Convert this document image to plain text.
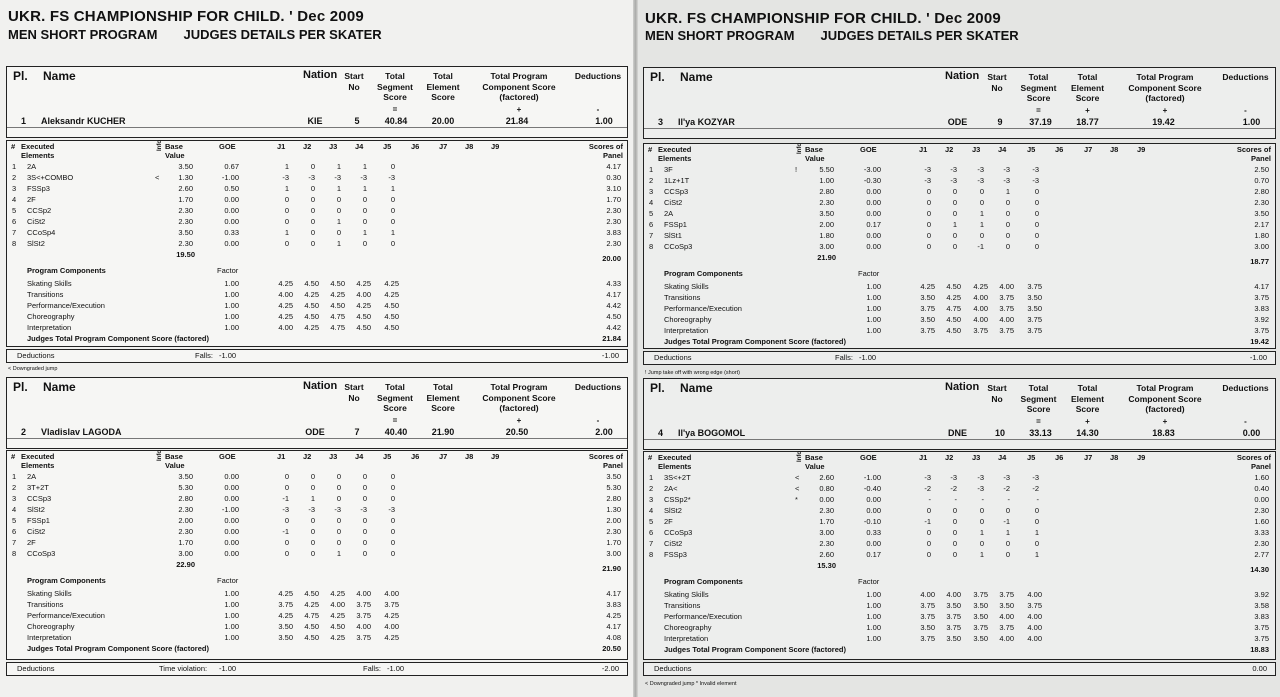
UKR. FS CHAMPIONSHIP FOR CHILD. ' Dec 2009
MEN SHORT PROGRAM JUDGES DETAILS PER SKATER
Pl. Name	Nation Start No
Total Segment Score
Total Element Score
Total Program Component Score (factored)
Deductions
=	+	-
1 Aleksandr KUCHER	KIE	5	40.84	20.00	21.84	1.00
# Executed Elements
Info Base Value
GOE	J1 J2 J3 J4	J5	J6	J7 J8 J9	Scores of Panel
1 2A	3.50	0.67	1	0	1	1	0	4.17
2 3S<+COMBO	<	1.30	-1.00	-3	-3	-3	-3	-3	0.30
3 FSSp3	2.60	0.50	1	0	1	1	1	3.10
4 2F	1.70	0.00	0	0	0	0	0	1.70
5 CCSp2	2.30	0.00	0	0	0	0	0	2.30
6 CiSt2	2.30	0.00	0	0	1	0	0	2.30
7 CCoSp4	3.50	0.33	1	0	0	1	1	3.83
8 SlSt2	2.30	0.00	0	0	1	0	0	2.30
19.50	20.00
Program Components	Factor
Skating Skills	1.00	4.25	4.50	4.50	4.25	4.25	4.33
Transitions	1.00	4.00	4.25	4.25	4.00	4.25	4.17
Performance/Execution	1.00	4.25	4.50	4.50	4.25	4.50	4.42
Choreography	1.00	4.25	4.50	4.75	4.50	4.50	4.50
Interpretation	1.00	4.00	4.25	4.75	4.50	4.50	4.42
Judges Total Program Component Score (factored)	21.84
Deductions	Falls: -1.00	-1.00
< Downgraded jump
Pl. Name	Nation Start No
Total Segment Score
Total Element Score
Total Program Component Score (factored)
Deductions
=	+	-
2 Vladislav LAGODA	ODE	7	40.40	21.90	20.50	2.00
# Executed Elements
Info Base Value
GOE	J1 J2 J3 J4	J5	J6	J7 J8 J9	Scores of Panel
1 2A	3.50	0.00	0	0	0	0	0	3.50
2 3T+2T	5.30	0.00	0	0	0	0	0	5.30
3 CCSp3	2.80	0.00	-1	1	0	0	0	2.80
4 SlSt2	2.30	-1.00	-3	-3	-3	-3	-3	1.30
5 FSSp1	2.00	0.00	0	0	0	0	0	2.00
6 CiSt2	2.30	0.00	-1	0	0	0	0	2.30
7 2F	1.70	0.00	0	0	0	0	0	1.70
8 CCoSp3	3.00	0.00	0	0	1	0	0	3.00
22.90	21.90
Program Components	Factor
Skating Skills	1.00	4.25	4.50	4.25	4.00	4.00	4.17
Transitions	1.00	3.75	4.25	4.00	3.75	3.75	3.83
Performance/Execution	1.00	4.25	4.75	4.25	3.75	4.25	4.25
Choreography	1.00	3.50	4.50	4.50	4.00	4.00	4.17
Interpretation	1.00	3.50	4.50	4.25	3.75	4.25	4.08
Judges Total Program Component Score (factored)	20.50
Deductions	Time violation: -1.00	Falls: -1.00	-2.00
UKR. FS CHAMPIONSHIP FOR CHILD. ' Dec 2009
MEN SHORT PROGRAM JUDGES DETAILS PER SKATER
Pl. Name	Nation Start No
Total Segment Score
Total Element Score
Total Program Component Score (factored)
Deductions
=	+	+	-
3 Il'ya KOZYAR	ODE	9	37.19	18.77	19.42	1.00
# Executed Elements
Info Base Value
GOE	J1 J2 J3 J4	J5	J6	J7 J8 J9	Scores of Panel
1 3F	!	5.50	-3.00	-3	-3	-3	-3	-3	2.50
2 1Lz+1T	1.00	-0.30	-3	-3	-3	-3	-3	0.70
3 CCSp3	2.80	0.00	0	0	0	1	0	2.80
4 CiSt2	2.30	0.00	0	0	0	0	0	2.30
5 2A	3.50	0.00	0	0	1	0	0	3.50
6 FSSp1	2.00	0.17	0	1	1	0	0	2.17
7 SlSt1	1.80	0.00	0	0	0	0	0	1.80
8 CCoSp3	3.00	0.00	0	0	-1	0	0	3.00
21.90	18.77
Program Components	Factor
Skating Skills	1.00	4.25	4.50	4.25	4.00	3.75	4.17
Transitions	1.00	3.50	4.25	4.00	3.75	3.50	3.75
Performance/Execution	1.00	3.75	4.75	4.00	3.75	3.50	3.83
Choreography	1.00	3.50	4.50	4.00	4.00	3.75	3.92
Interpretation	1.00	3.75	4.50	3.75	3.75	3.75	3.75
Judges Total Program Component Score (factored)	19.42
Deductions	Falls: -1.00	-1.00
! Jump take off with wrong edge (short)
Pl. Name	Nation Start No
Total Segment Score
Total Element Score
Total Program Component Score (factored)
Deductions
=	+	+	-
4 Il'ya BOGOMOL	DNE	10	33.13	14.30	18.83	0.00
# Executed Elements
Info Base Value
GOE	J1 J2 J3 J4	J5	J6	J7 J8 J9	Scores of Panel
1 3S<+2T	<	2.60	-1.00	-3	-3	-3	-3	-3	1.60
2 2A<	<	0.80	-0.40	-2	-2	-3	-2	-2	0.40
3 CSSp2*	*	0.00	0.00	-	-	-	-	-	0.00
4 SlSt2	2.30	0.00	0	0	0	0	0	2.30
5 2F	1.70	-0.10	-1	0	0	-1	0	1.60
6 CCoSp3	3.00	0.33	0	0	1	1	1	3.33
7 CiSt2	2.30	0.00	0	0	0	0	0	2.30
8 FSSp3	2.60	0.17	0	0	1	0	1	2.77
15.30	14.30
Program Components	Factor
Skating Skills	1.00	4.00	4.00	3.75	3.75	4.00	3.92
Transitions	1.00	3.75	3.50	3.50	3.50	3.75	3.58
Performance/Execution	1.00	3.75	3.75	3.50	4.00	4.00	3.83
Choreography	1.00	3.50	3.75	3.75	3.75	4.00	3.75
Interpretation	1.00	3.75	3.50	3.50	4.00	4.00	3.75
Judges Total Program Component Score (factored)	18.83
Deductions	0.00
< Downgraded jump * Invalid element
